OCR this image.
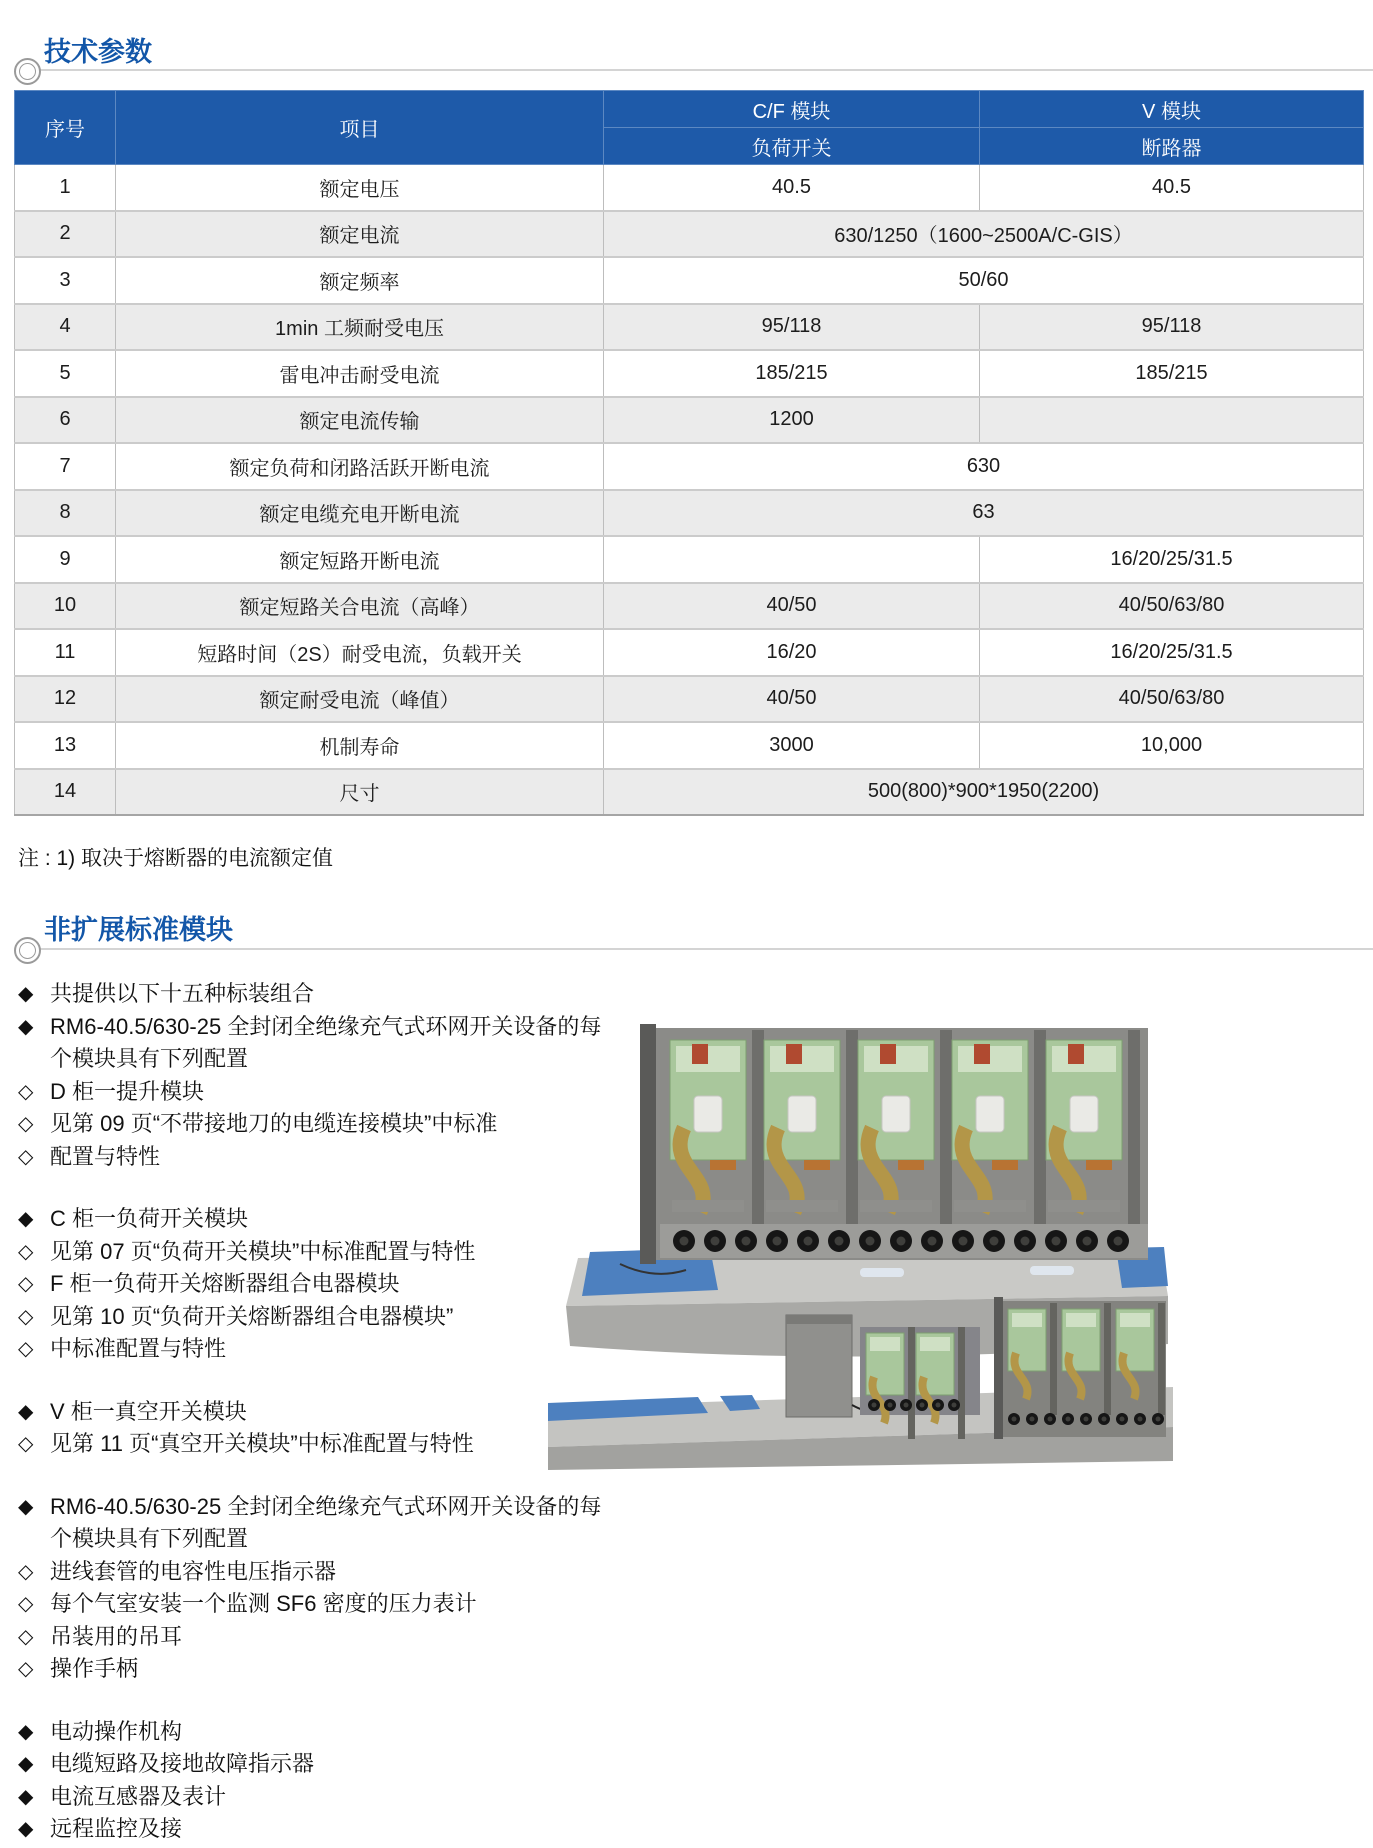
技术参数
序号	项目	C/F 模块	V 模块
		负荷开关	断路器
1	额定电压	40.5	40.5
2	额定电流	630/1250（1600~2500A/C-GIS）	
3	额定频率	50/60	
4	1min 工频耐受电压	95/118	95/118
5	雷电冲击耐受电流	185/215	185/215
6	额定电流传输	1200	
7	额定负荷和闭路活跃开断电流	630	
8	额定电缆充电开断电流	63	
9	额定短路开断电流		16/20/25/31.5
10	额定短路关合电流（高峰）	40/50	40/50/63/80
11	短路时间（2S）耐受电流，负载开关	16/20	16/20/25/31.5
12	额定耐受电流（峰值）	40/50	40/50/63/80
13	机制寿命	3000	10,000
14	尺寸	500(800)*900*1950(2200)	
注 : 1) 取决于熔断器的电流额定值
非扩展标准模块
◆ 共提供以下十五种标装组合
◆ RM6-40.5/630-25 全封闭全绝缘充气式环网开关设备的每
个模块具有下列配置
◇ D 柜一提升模块
◇ 见第 09 页“不带接地刀的电缆连接模块”中标准
◇ 配置与特性
◆ C 柜一负荷开关模块
◇ 见第 07 页“负荷开关模块”中标准配置与特性
◇ F 柜一负荷开关熔断器组合电器模块
◇ 见第 10 页“负荷开关熔断器组合电器模块”
◇ 中标准配置与特性
◆ V 柜一真空开关模块
◇ 见第 11 页“真空开关模块”中标准配置与特性
◆ RM6-40.5/630-25 全封闭全绝缘充气式环网开关设备的每
个模块具有下列配置
◇ 进线套管的电容性电压指示器
◇ 每个气室安装一个监测 SF6 密度的压力表计
◇ 吊装用的吊耳
◇ 操作手柄
◆ 电动操作机构
◆ 电缆短路及接地故障指示器
◆ 电流互感器及表计
◆ 远程监控及接
